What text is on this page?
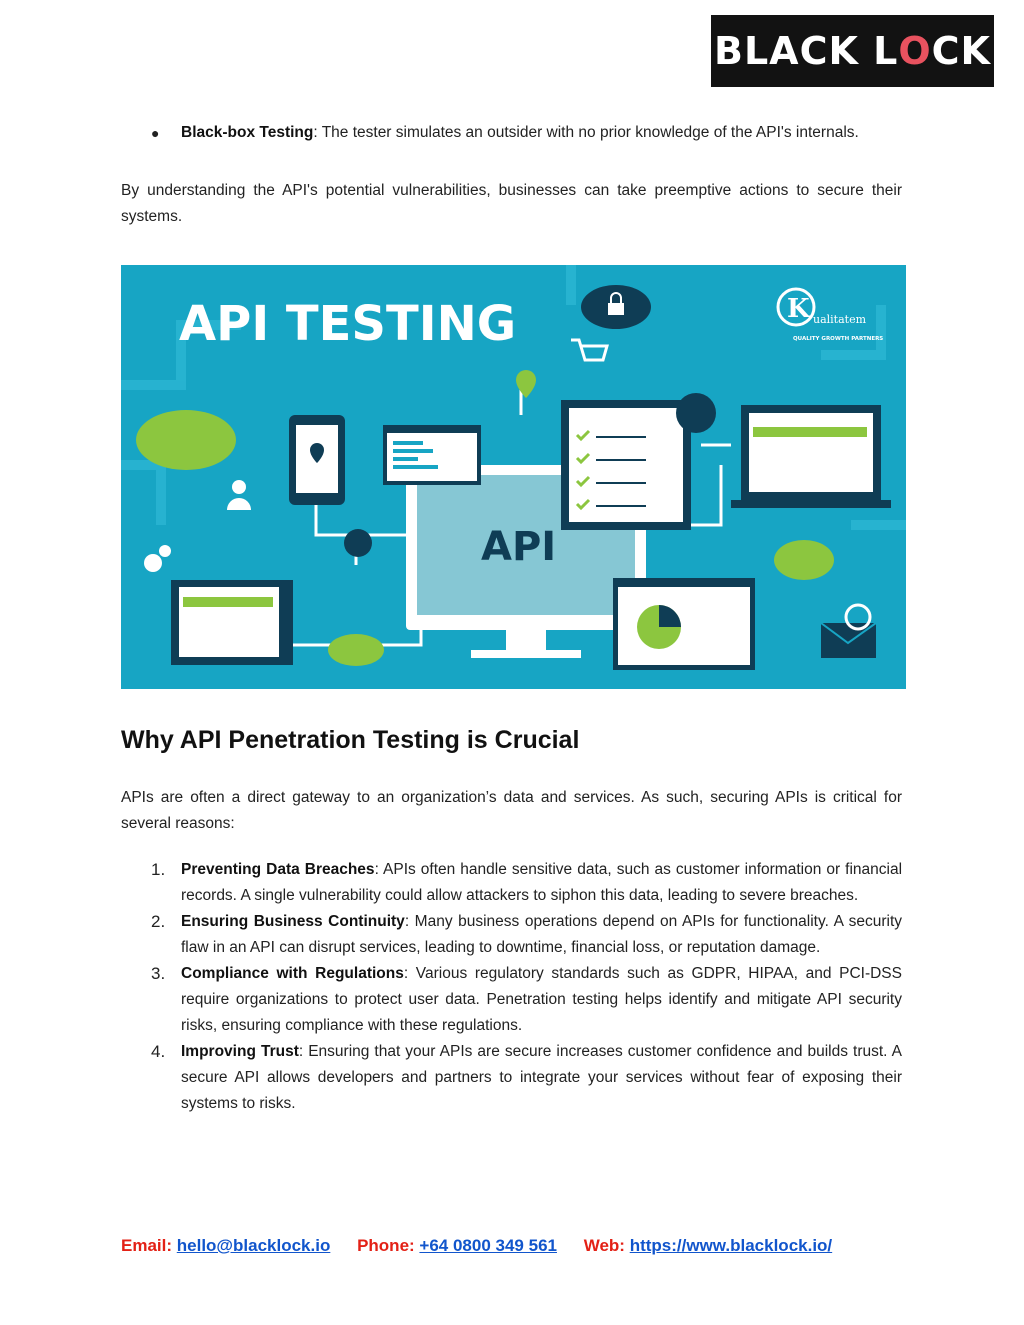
BLACK L O CK
● Black-box Testing: The tester simulates an outsider with no prior knowledge of the API's internals.

By understanding the API's potential vulnerabilities, businesses can take preemptive actions to secure their systems.

API TESTING	K ualitatem
QUALITY GROWTH PARTNERS
API
Why API Penetration Testing is Crucial

APIs are often a direct gateway to an organization’s data and services. As such, securing APIs is critical for several reasons:

1. Preventing Data Breaches: APIs often handle sensitive data, such as customer information or financial records. A single vulnerability could allow attackers to siphon this data, leading to severe breaches.
2. Ensuring Business Continuity: Many business operations depend on APIs for functionality. A security flaw in an API can disrupt services, leading to downtime, financial loss, or reputation damage.
3. Compliance with Regulations: Various regulatory standards such as GDPR, HIPAA, and PCI-DSS require organizations to protect user data. Penetration testing helps identify and mitigate API security risks, ensuring compliance with these regulations.
4. Improving Trust: Ensuring that your APIs are secure increases customer confidence and builds trust. A secure API allows developers and partners to integrate your services without fear of exposing their systems to risks.
Email: hello@blacklock.io Phone: +64 0800 349 561 Web: https://www.blacklock.io/
